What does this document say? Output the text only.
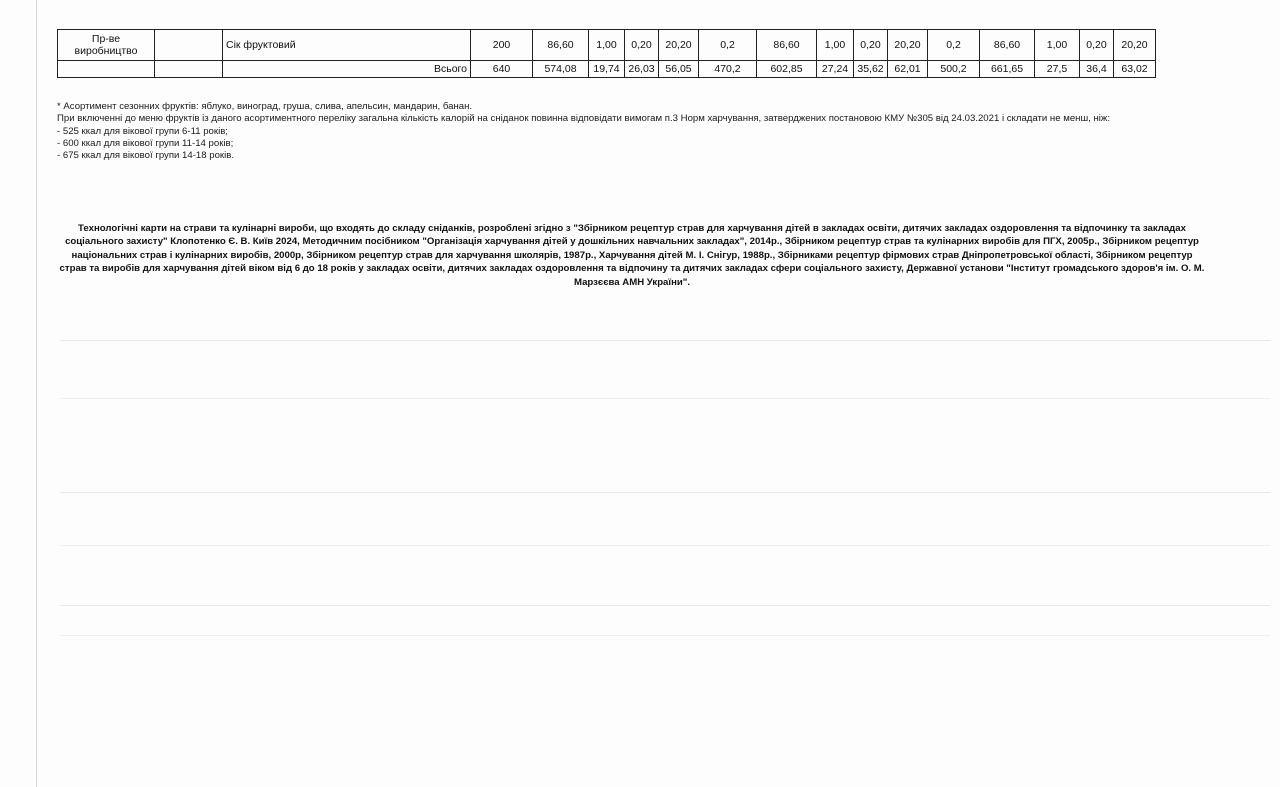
Пр-ве виробництво		Сік фруктовий	200	86,60	1,00	0,20	20,20	0,2	86,60	1,00	0,20	20,20	0,2	86,60	1,00	0,20	20,20
		Всього	640	574,08	19,74	26,03	56,05	470,2	602,85	27,24	35,62	62,01	500,2	661,65	27,5	36,4	63,02

* Асортимент сезонних фруктів: яблуко, виноград, груша, слива, апельсин, мандарин, банан.

При включенні до меню фруктів із даного асортиментного переліку загальна кількість калорій на сніданок повинна відповідати вимогам п.3 Норм харчування, затверджених постановою КМУ №305 від 24.03.2021 і складати не менш, ніж:

- 525 ккал для вікової групи 6-11 років;

- 600 ккал для вікової групи 11-14 років;

- 675 ккал для вікової групи 14-18 років.

Технологічні карти на страви та кулінарні вироби, що входять до складу сніданків, розроблені згідно з "Збірником рецептур страв для харчування дітей в закладах освіти, дитячих закладах оздоровлення та відпочинку та закладах соціального захисту" Клопотенко Є. В. Київ 2024, Методичним посібником "Організація харчування дітей у дошкільних навчальних закладах", 2014р., Збірником рецептур страв та кулінарних виробів для ПГХ, 2005р., Збірником рецептур національних страв і кулінарних виробів, 2000р, Збірником рецептур страв для харчування школярів, 1987р., Харчування дітей М. І. Снігур, 1988р., Збірниками рецептур фірмових страв Дніпропетровської області, Збірником рецептур страв та виробів для харчування дітей віком від 6 до 18 років у закладах освіти, дитячих закладах оздоровлення та відпочину та дитячих закладах сфери соціального захисту, Державної установи "Інститут громадського здоров'я ім. О. М. Марзєєва АМН України".
